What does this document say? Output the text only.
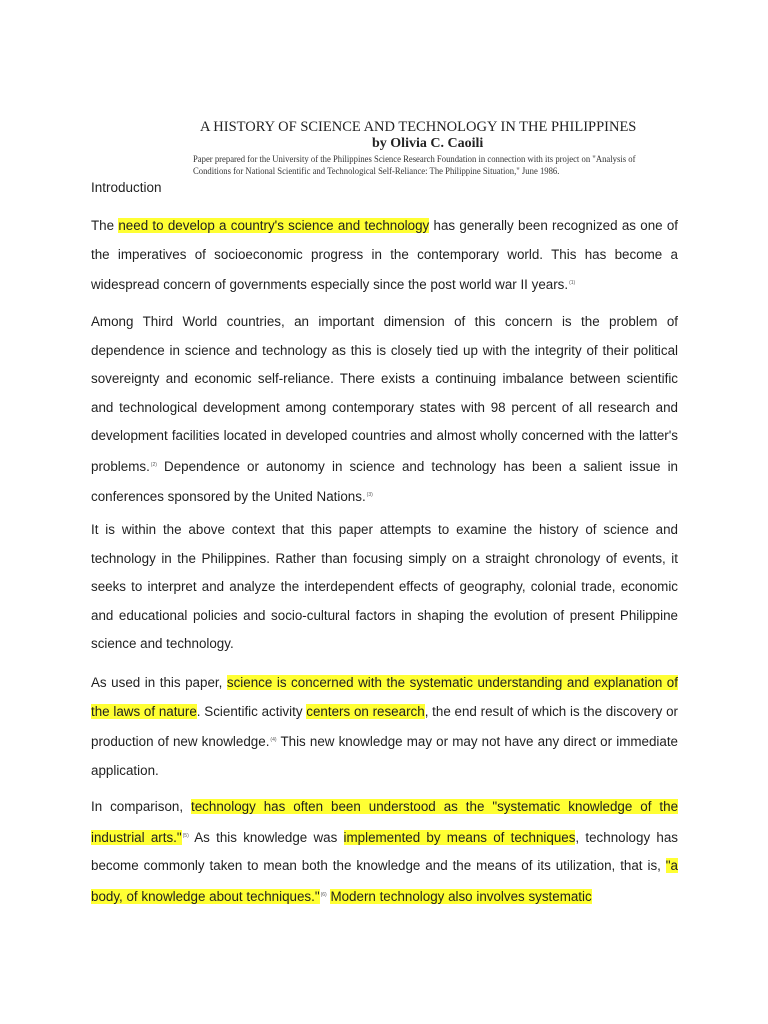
A HISTORY OF SCIENCE AND TECHNOLOGY IN THE PHILIPPINES
by Olivia C. Caoili
Paper prepared for the University of the Philippines Science Research Foundation in connection with its project on "Analysis of Conditions for National Scientific and Technological Self-Reliance: The Philippine Situation," June 1986.
Introduction

The need to develop a country's science and technology has generally been recognized as one of the imperatives of socioeconomic progress in the contemporary world. This has become a widespread concern of governments especially since the post world war II years.$^{(1)}$

Among Third World countries, an important dimension of this concern is the problem of dependence in science and technology as this is closely tied up with the integrity of their political sovereignty and economic self-reliance. There exists a continuing imbalance between scientific and technological development among contemporary states with 98 percent of all research and development facilities located in developed countries and almost wholly concerned with the latter's problems.$^{(2)}$ Dependence or autonomy in science and technology has been a salient issue in conferences sponsored by the United Nations.$^{(3)}$

It is within the above context that this paper attempts to examine the history of science and technology in the Philippines. Rather than focusing simply on a straight chronology of events, it seeks to interpret and analyze the interdependent effects of geography, colonial trade, economic and educational policies and socio-cultural factors in shaping the evolution of present Philippine science and technology.

As used in this paper, science is concerned with the systematic understanding and explanation of the laws of nature. Scientific activity centers on research, the end result of which is the discovery or production of new knowledge.$^{(4)}$ This new knowledge may or may not have any direct or immediate application.

In comparison, technology has often been understood as the "systematic knowledge of the industrial arts."$^{(5)}$ As this knowledge was implemented by means of techniques, technology has become commonly taken to mean both the knowledge and the means of its utilization, that is, "a body, of knowledge about techniques."$^{(6)}$ Modern technology also involves systematic
